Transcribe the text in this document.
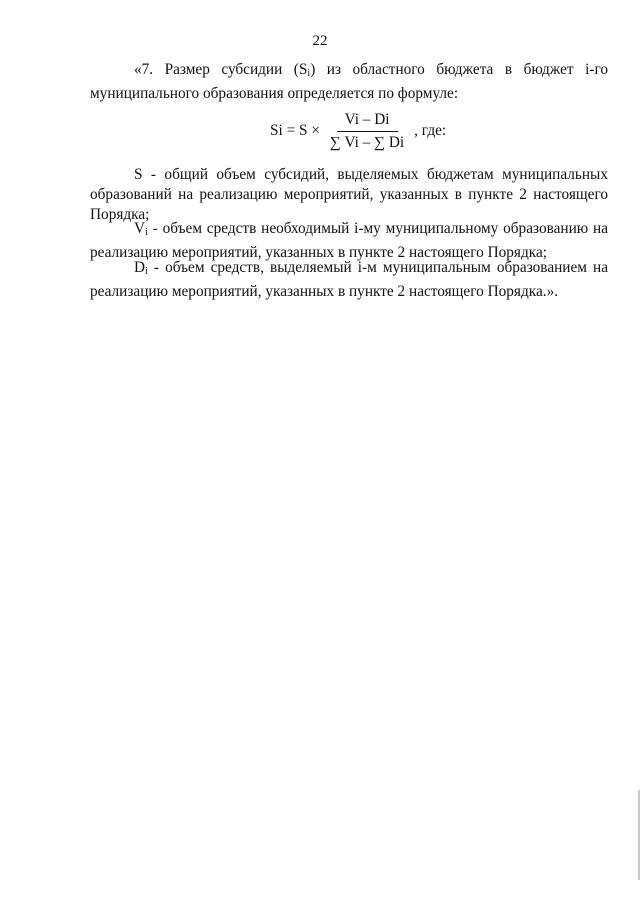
22

«7. Размер субсидии $(S_i)$ из областного бюджета в бюджет i-го муниципального образования определяется по формуле:

$Si = S \times \frac{Vi - Di}{\sum Vi - \sum Di}$ , где:

S - общий объем субсидий, выделяемых бюджетам муниципальных образований на реализацию мероприятий, указанных в пункте 2 настоящего Порядка;

$V_i$ - объем средств необходимый i-му муниципальному образованию на реализацию мероприятий, указанных в пункте 2 настоящего Порядка;

$D_i$ - объем средств, выделяемый i-м муниципальным образованием на реализацию мероприятий, указанных в пункте 2 настоящего Порядка.».
